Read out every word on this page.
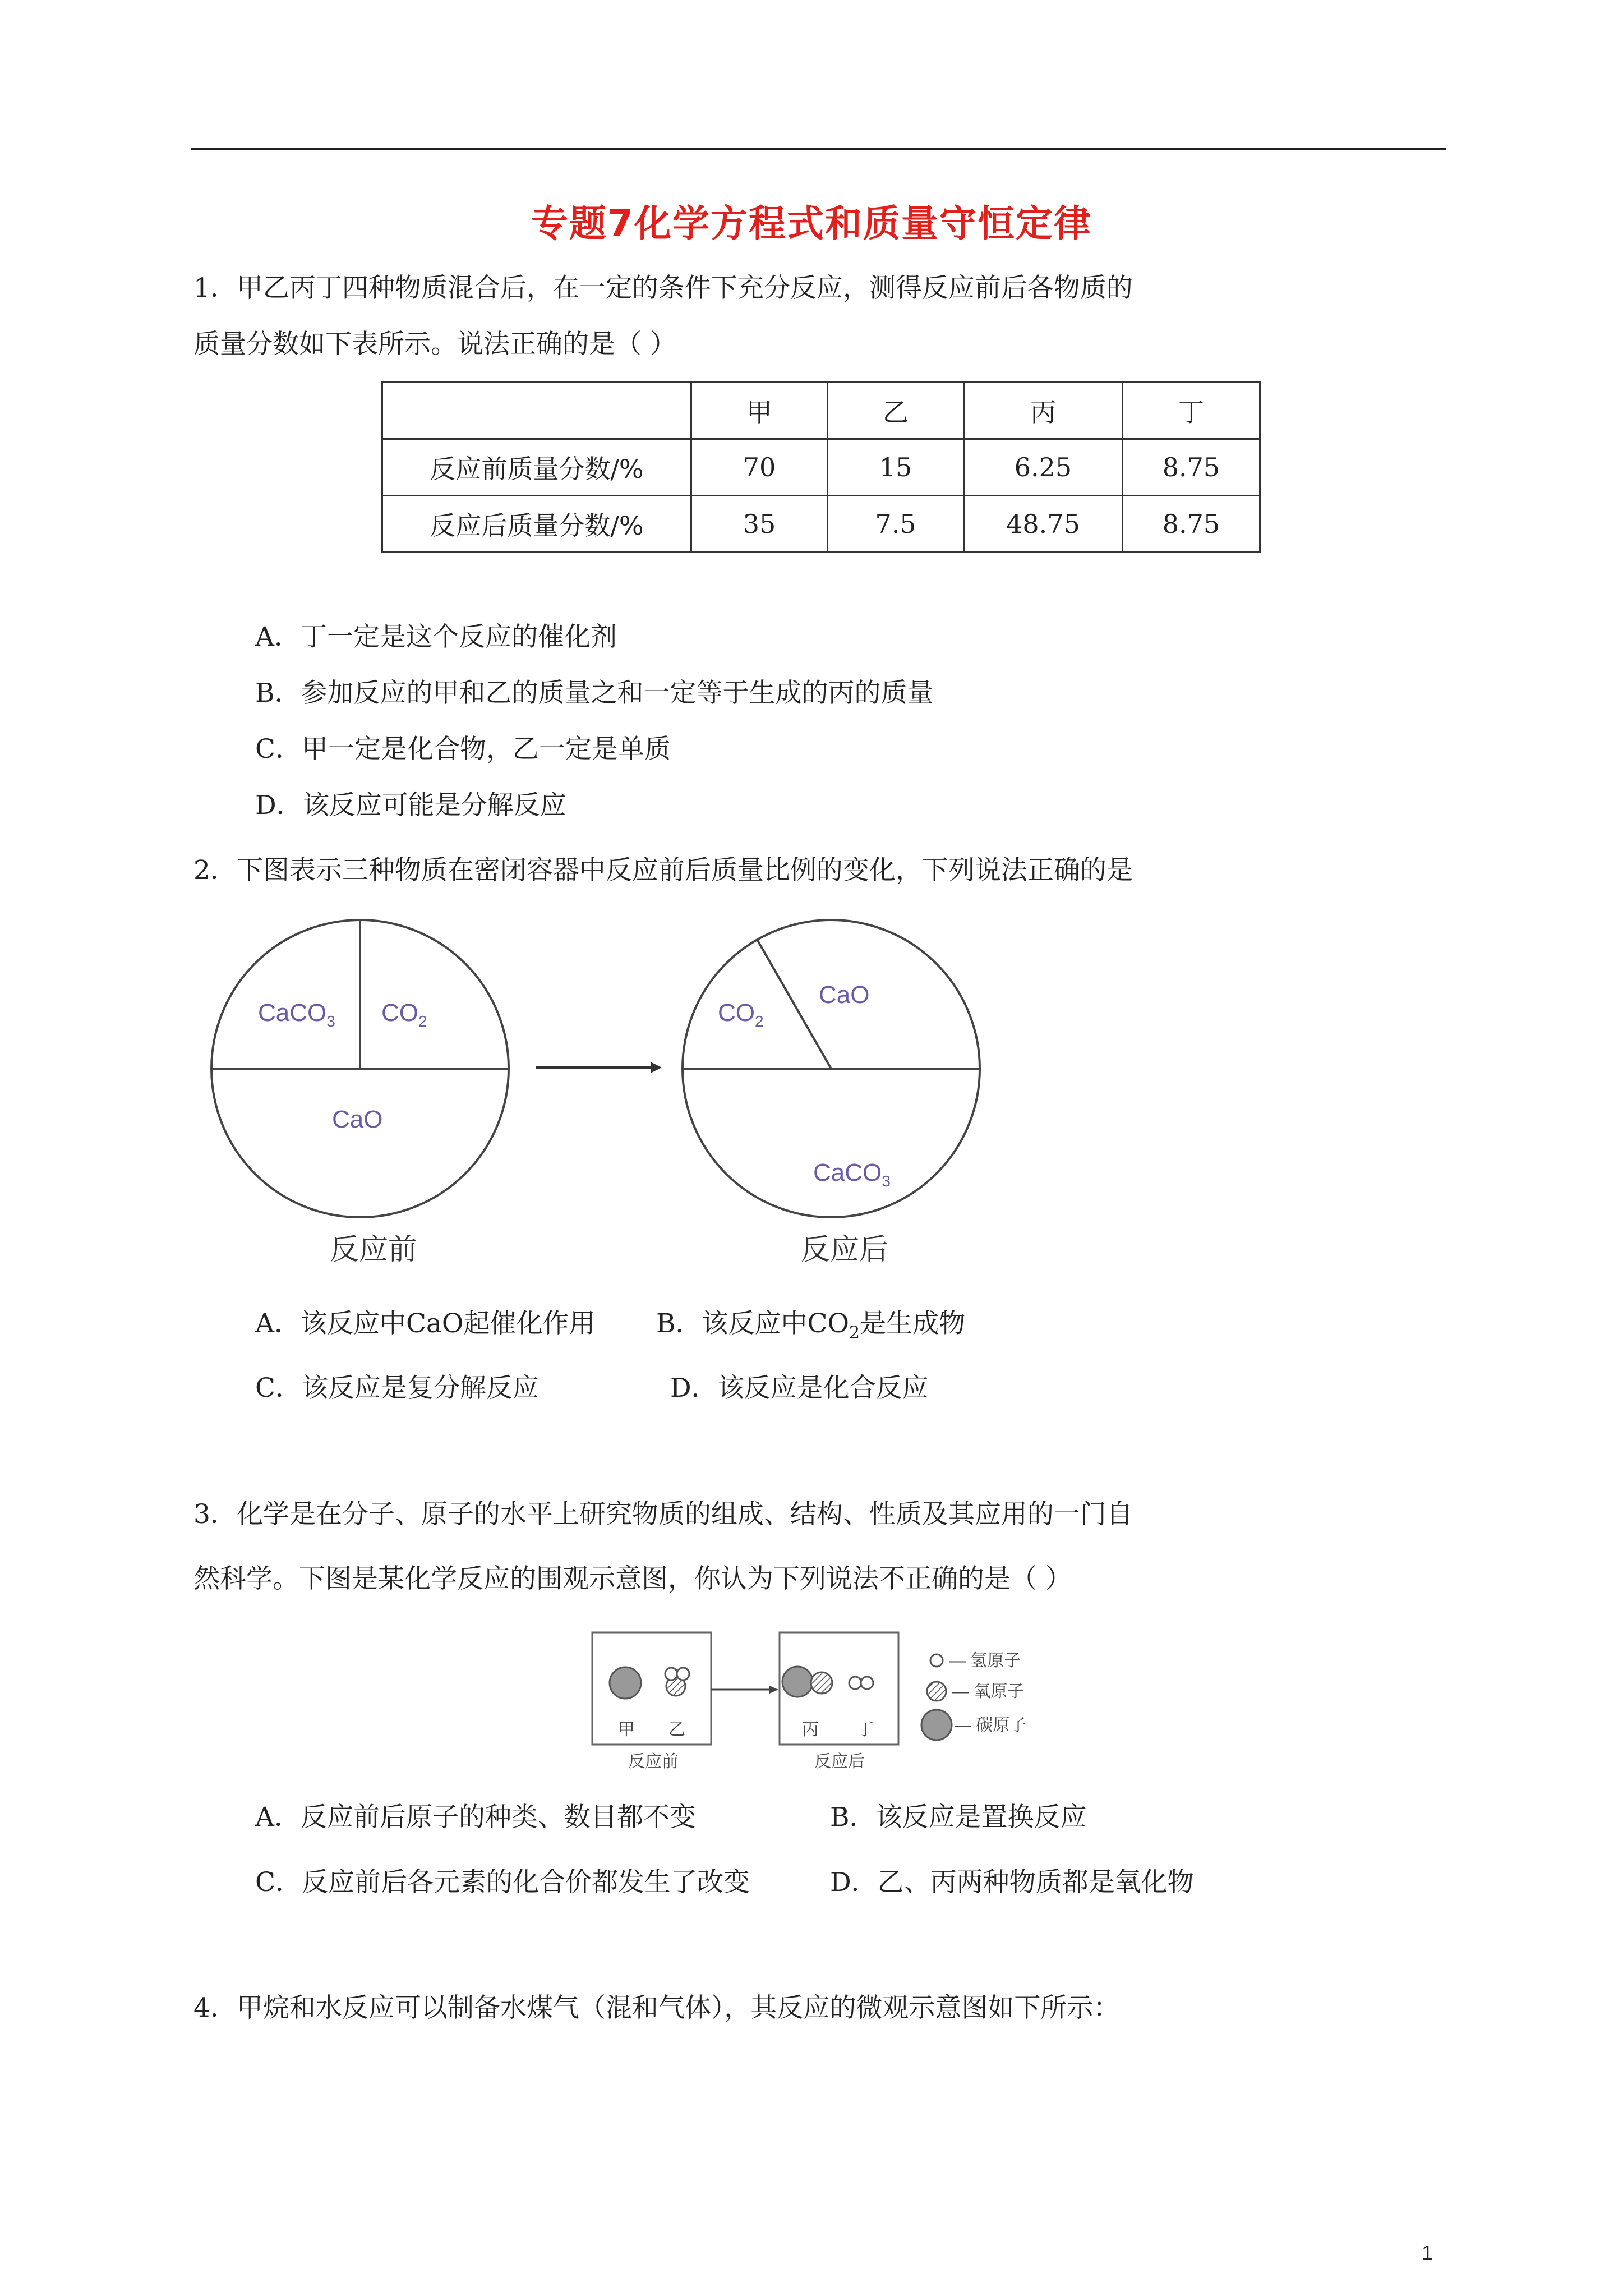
专题7化学方程式和质量守恒定律
1．甲乙丙丁四种物质混合后，在一定的条件下充分反应，测得反应前后各物质的
质量分数如下表所示。说法正确的是（ ）
	甲	乙	丙	丁
反应前质量分数/%	70	15	6.25	8.75
反应后质量分数/%	35	7.5	48.75	8.75
A．丁一定是这个反应的催化剂
B．参加反应的甲和乙的质量之和一定等于生成的丙的质量
C．甲一定是化合物，乙一定是单质
D．该反应可能是分解反应
2．下图表示三种物质在密闭容器中反应前后质量比例的变化，下列说法正确的是
CaCO$_3$ $CO_2$
CaO
反应前
CaO
$CO_2$
CaCO$_3$
反应后
A．该反应中CaO起催化作用 B．该反应中$CO_2$是生成物
C．该反应是复分解反应	D．该反应是化合反应
3．化学是在分子、原子的水平上研究物质的组成、结构、性质及其应用的一门自
然科学。下图是某化学反应的围观示意图，你认为下列说法不正确的是（ ）
甲 乙
反应前
丙 丁
反应后
— 氢原子
— 氧原子
— 碳原子
A．反应前后原子的种类、数目都不变	B．该反应是置换反应
C．反应前后各元素的化合价都发生了改变	D．乙、丙两种物质都是氧化物
4．甲烷和水反应可以制备水煤气（混和气体），其反应的微观示意图如下所示：
1
